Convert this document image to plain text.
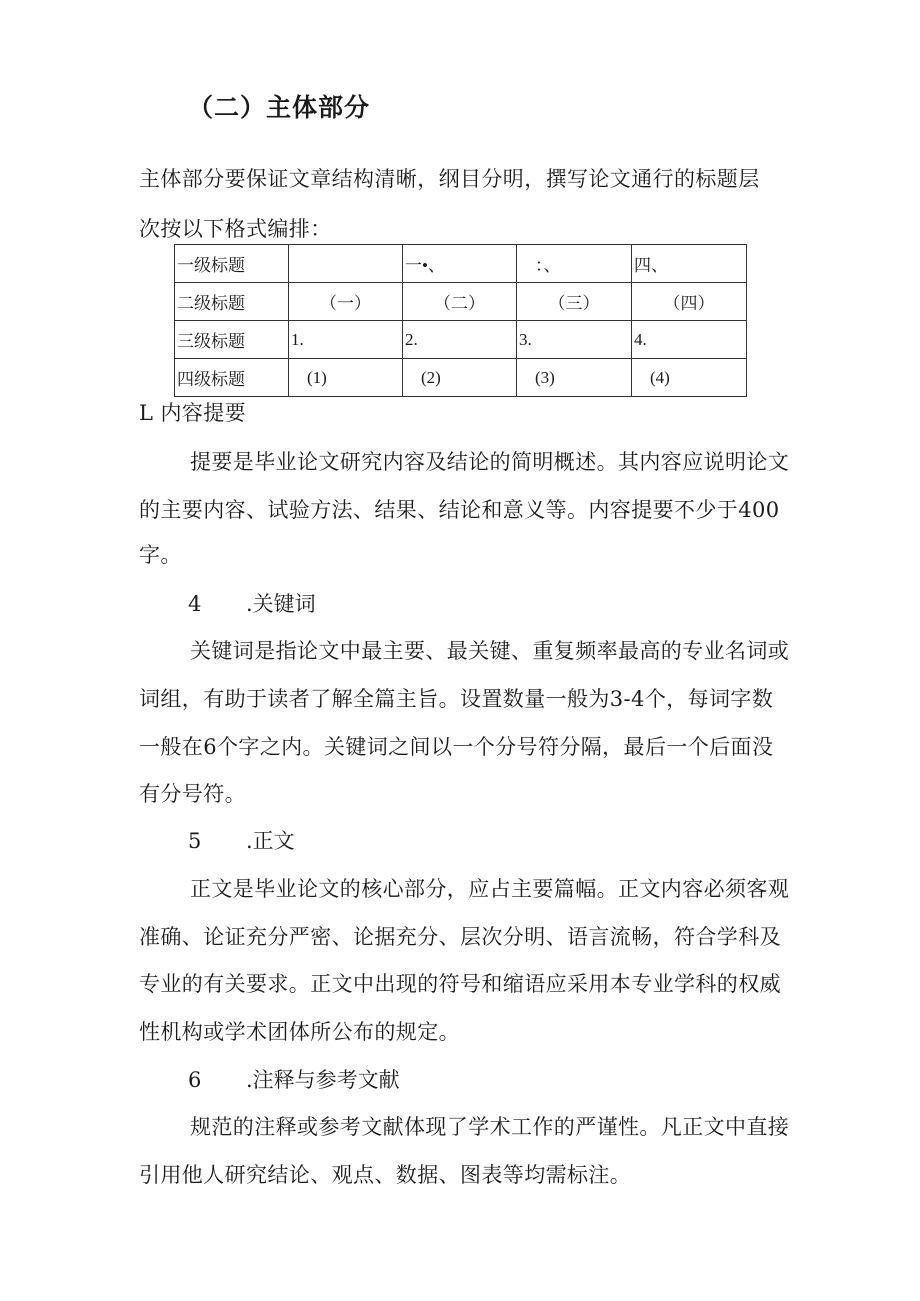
（二）主体部分
主体部分要保证文章结构清晰，纲目分明，撰写论文通行的标题层
次按以下格式编排：
一级标题		一•、	：、	四、
二级标题	（一）	（二）	（三）	（四）
三级标题	1.	2.	3.	4.
四级标题	(1)	(2)	(3)	(4)
L 内容提要
提要是毕业论文研究内容及结论的简明概述。其内容应说明论文
的主要内容、试验方法、结果、结论和意义等。内容提要不少于400
字。
4 .关键词
关键词是指论文中最主要、最关键、重复频率最高的专业名词或
词组，有助于读者了解全篇主旨。设置数量一般为3-4个，每词字数
一般在6个字之内。关键词之间以一个分号符分隔，最后一个后面没
有分号符。
5 .正文
正文是毕业论文的核心部分，应占主要篇幅。正文内容必须客观
准确、论证充分严密、论据充分、层次分明、语言流畅，符合学科及
专业的有关要求。正文中出现的符号和缩语应采用本专业学科的权威
性机构或学术团体所公布的规定。
6 .注释与参考文献
规范的注释或参考文献体现了学术工作的严谨性。凡正文中直接
引用他人研究结论、观点、数据、图表等均需标注。
